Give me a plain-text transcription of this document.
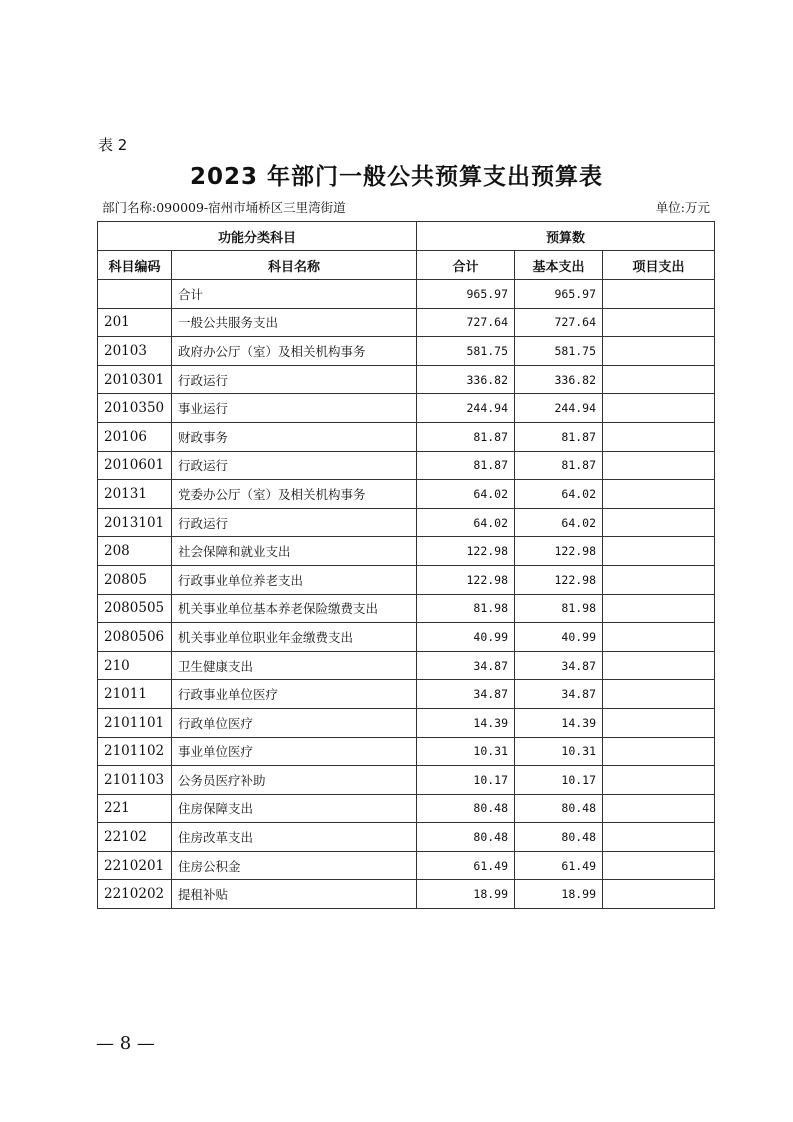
表 2
2023 年部门一般公共预算支出预算表
部门名称:090009-宿州市埇桥区三里湾街道	单位:万元
功能分类科目		预算数		
科目编码	科目名称	合计	基本支出	项目支出
	合计	965.97	965.97	
201	一般公共服务支出	727.64	727.64	
20103	政府办公厅（室）及相关机构事务	581.75	581.75	
2010301	行政运行	336.82	336.82	
2010350	事业运行	244.94	244.94	
20106	财政事务	81.87	81.87	
2010601	行政运行	81.87	81.87	
20131	党委办公厅（室）及相关机构事务	64.02	64.02	
2013101	行政运行	64.02	64.02	
208	社会保障和就业支出	122.98	122.98	
20805	行政事业单位养老支出	122.98	122.98	
2080505	机关事业单位基本养老保险缴费支出	81.98	81.98	
2080506	机关事业单位职业年金缴费支出	40.99	40.99	
210	卫生健康支出	34.87	34.87	
21011	行政事业单位医疗	34.87	34.87	
2101101	行政单位医疗	14.39	14.39	
2101102	事业单位医疗	10.31	10.31	
2101103	公务员医疗补助	10.17	10.17	
221	住房保障支出	80.48	80.48	
22102	住房改革支出	80.48	80.48	
2210201	住房公积金	61.49	61.49	
2210202	提租补贴	18.99	18.99	
— 8 —
